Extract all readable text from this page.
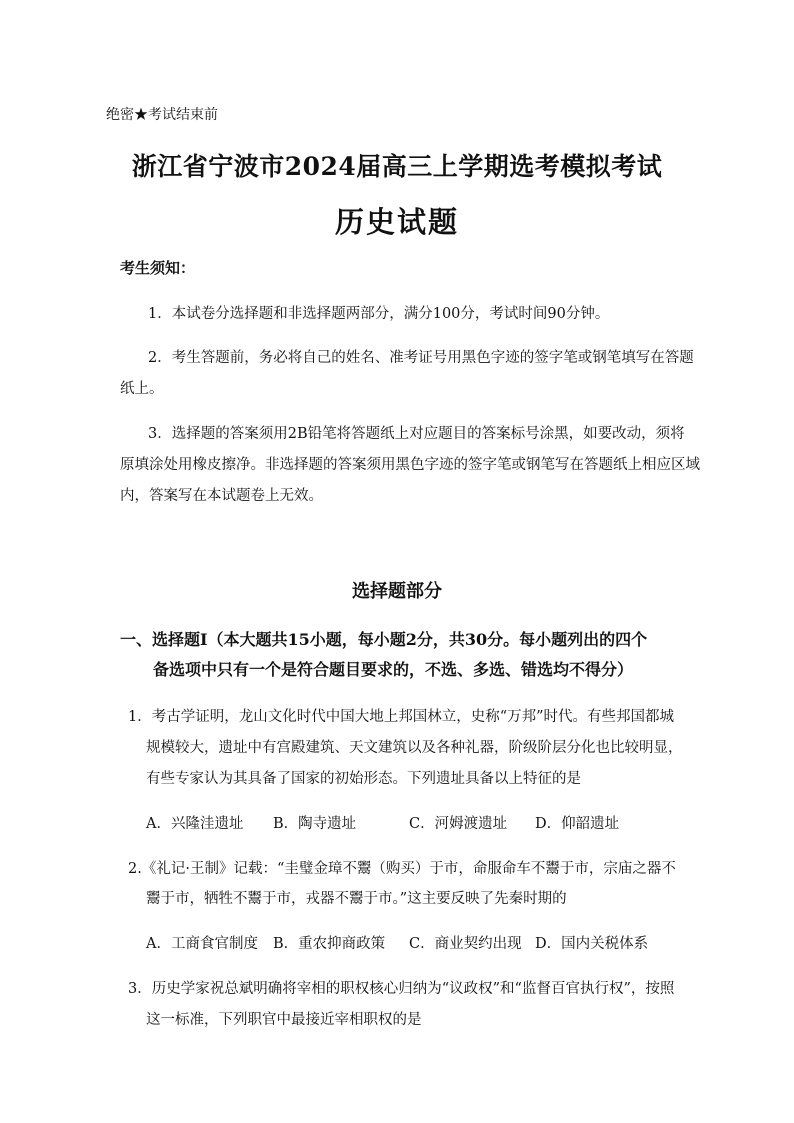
绝密★考试结束前
浙江省宁波市2024届高三上学期选考模拟考试
历史试题
考生须知：
1．本试卷分选择题和非选择题两部分，满分100分，考试时间90分钟。
2．考生答题前，务必将自己的姓名、准考证号用黑色字迹的签字笔或钢笔填写在答题
纸上。
3．选择题的答案须用2B铅笔将答题纸上对应题目的答案标号涂黑，如要改动，须将
原填涂处用橡皮擦净。非选择题的答案须用黑色字迹的签字笔或钢笔写在答题纸上相应区域
内，答案写在本试题卷上无效。
选择题部分
一、选择题Ⅰ（本大题共15小题，每小题2分，共30分。每小题列出的四个
备选项中只有一个是符合题目要求的，不选、多选、错选均不得分）
1．考古学证明，龙山文化时代中国大地上邦国林立，史称“万邦”时代。有些邦国都城
规模较大，遗址中有宫殿建筑、天文建筑以及各种礼器，阶级阶层分化也比较明显，
有些专家认为其具备了国家的初始形态。下列遗址具备以上特征的是
A．兴隆洼遗址 B．陶寺遗址	C．河姆渡遗址 D．仰韶遗址
2.《礼记·王制》记载：“圭璧金璋不鬻（购买）于市，命服命车不鬻于市，宗庙之器不
鬻于市，牺牲不鬻于市，戎器不鬻于市。”这主要反映了先秦时期的
A．工商食官制度 B．重农抑商政策 C．商业契约出现 D．国内关税体系
3．历史学家祝总斌明确将宰相的职权核心归纳为“议政权”和“监督百官执行权”，按照
这一标准，下列职官中最接近宰相职权的是
